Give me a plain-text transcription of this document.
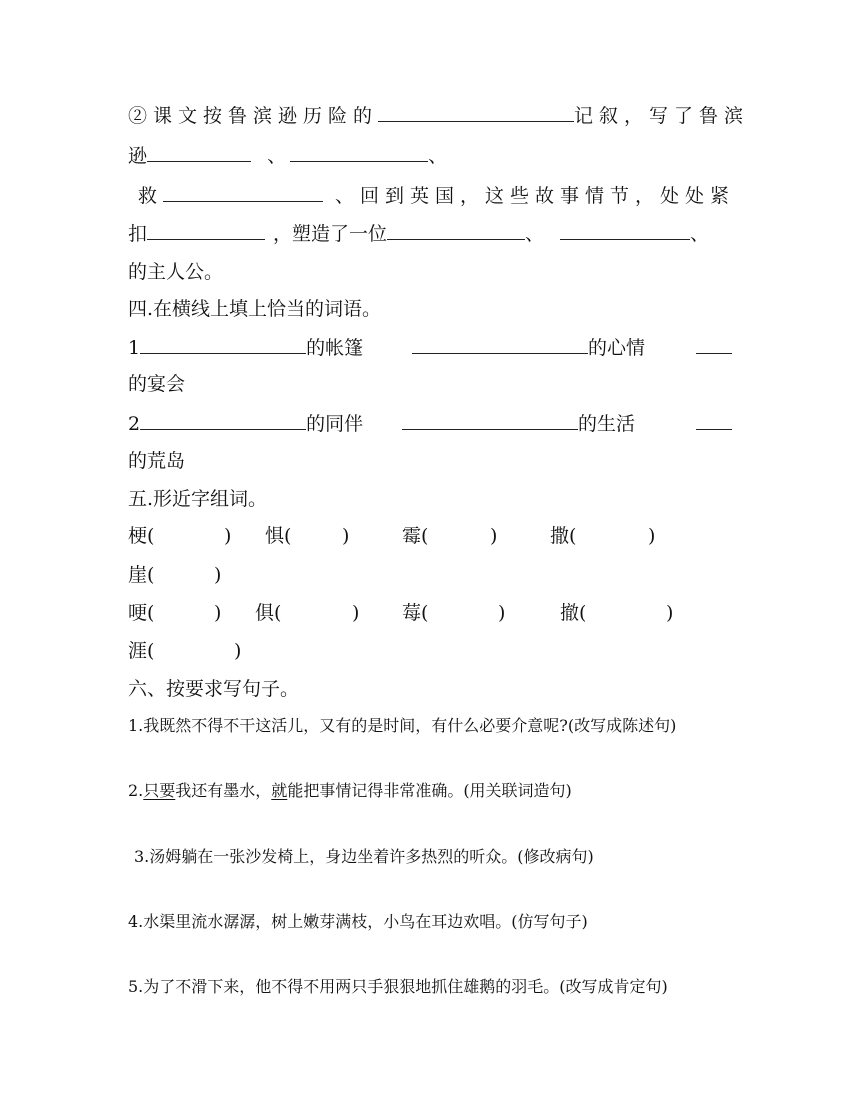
②课文按鲁滨逊历险的	记叙，写了鲁滨
逊	、	、
救	、回到英国，这些故事情节，处处紧
扣	，塑造了一位	、	、
的主人公。
四.在横线上填上恰当的词语。
1	的帐篷	的心情
的宴会
2	的同伴	的生活
的荒岛
五.形近字组词。
梗(	) 惧(	)	霉(	)	撒(	)
崖(	)
哽(	) 俱(	) 莓(	)	撤(	)
涯(	)
六、按要求写句子。
1.我既然不得不干这活儿，又有的是时间，有什么必要介意呢?(改写成陈述句)
2.只要我还有墨水，就能把事情记得非常准确。(用关联词造句)
3.汤姆躺在一张沙发椅上，身边坐着许多热烈的听众。(修改病句)
4.水渠里流水潺潺，树上嫩芽满枝，小鸟在耳边欢唱。(仿写句子)
5.为了不滑下来，他不得不用两只手狠狠地抓住雄鹅的羽毛。(改写成肯定句)
